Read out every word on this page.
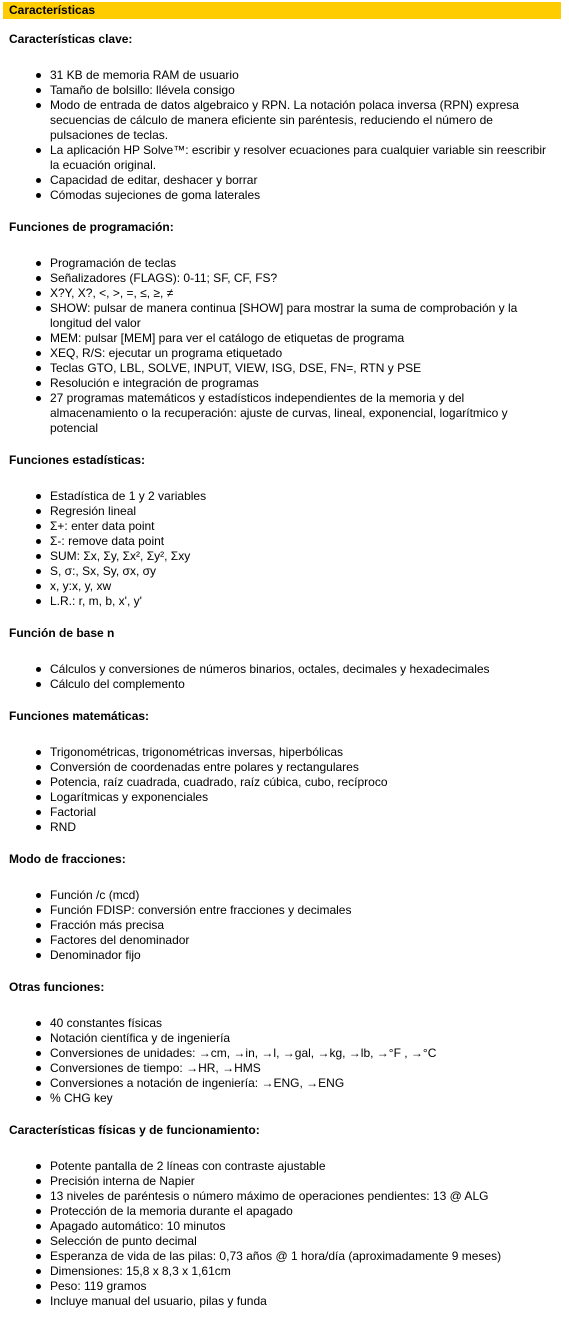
Características
Características clave:
31 KB de memoria RAM de usuario
Tamaño de bolsillo: llévela consigo
Modo de entrada de datos algebraico y RPN. La notación polaca inversa (RPN) expresa secuencias de cálculo de manera eficiente sin paréntesis, reduciendo el número de pulsaciones de teclas.
La aplicación HP Solve™: escribir y resolver ecuaciones para cualquier variable sin reescribir la ecuación original.
Capacidad de editar, deshacer y borrar
Cómodas sujeciones de goma laterales
Funciones de programación:
Programación de teclas
Señalizadores (FLAGS): 0-11; SF, CF, FS?
X?Y, X?, <, >, =, ≤, ≥, ≠
SHOW: pulsar de manera continua [SHOW] para mostrar la suma de comprobación y la longitud del valor
MEM: pulsar [MEM] para ver el catálogo de etiquetas de programa
XEQ, R/S: ejecutar un programa etiquetado
Teclas GTO, LBL, SOLVE, INPUT, VIEW, ISG, DSE, FN=, RTN y PSE
Resolución e integración de programas
27 programas matemáticos y estadísticos independientes de la memoria y del almacenamiento o la recuperación: ajuste de curvas, lineal, exponencial, logarítmico y potencial
Funciones estadísticas:
Estadística de 1 y 2 variables
Regresión lineal
Σ+: enter data point
Σ-: remove data point
SUM: Σx, Σy, Σx², Σy², Σxy
S, σ:, Sx, Sy, σx, σy
x, y:x, y, xw
L.R.: r, m, b, x', y'
Función de base n
Cálculos y conversiones de números binarios, octales, decimales y hexadecimales
Cálculo del complemento
Funciones matemáticas:
Trigonométricas, trigonométricas inversas, hiperbólicas
Conversión de coordenadas entre polares y rectangulares
Potencia, raíz cuadrada, cuadrado, raíz cúbica, cubo, recíproco
Logarítmicas y exponenciales
Factorial
RND
Modo de fracciones:
Función /c (mcd)
Función FDISP: conversión entre fracciones y decimales
Fracción más precisa
Factores del denominador
Denominador fijo
Otras funciones:
40 constantes físicas
Notación científica y de ingeniería
Conversiones de unidades: →cm, →in, →l, →gal, →kg, →lb, →°F , →°C
Conversiones de tiempo: →HR, →HMS
Conversiones a notación de ingeniería: →ENG, →ENG
% CHG key
Características físicas y de funcionamiento:
Potente pantalla de 2 líneas con contraste ajustable
Precisión interna de Napier
13 niveles de paréntesis o número máximo de operaciones pendientes: 13 @ ALG
Protección de la memoria durante el apagado
Apagado automático: 10 minutos
Selección de punto decimal
Esperanza de vida de las pilas: 0,73 años @ 1 hora/día (aproximadamente 9 meses)
Dimensiones: 15,8 x 8,3 x 1,61cm
Peso: 119 gramos
Incluye manual del usuario, pilas y funda
